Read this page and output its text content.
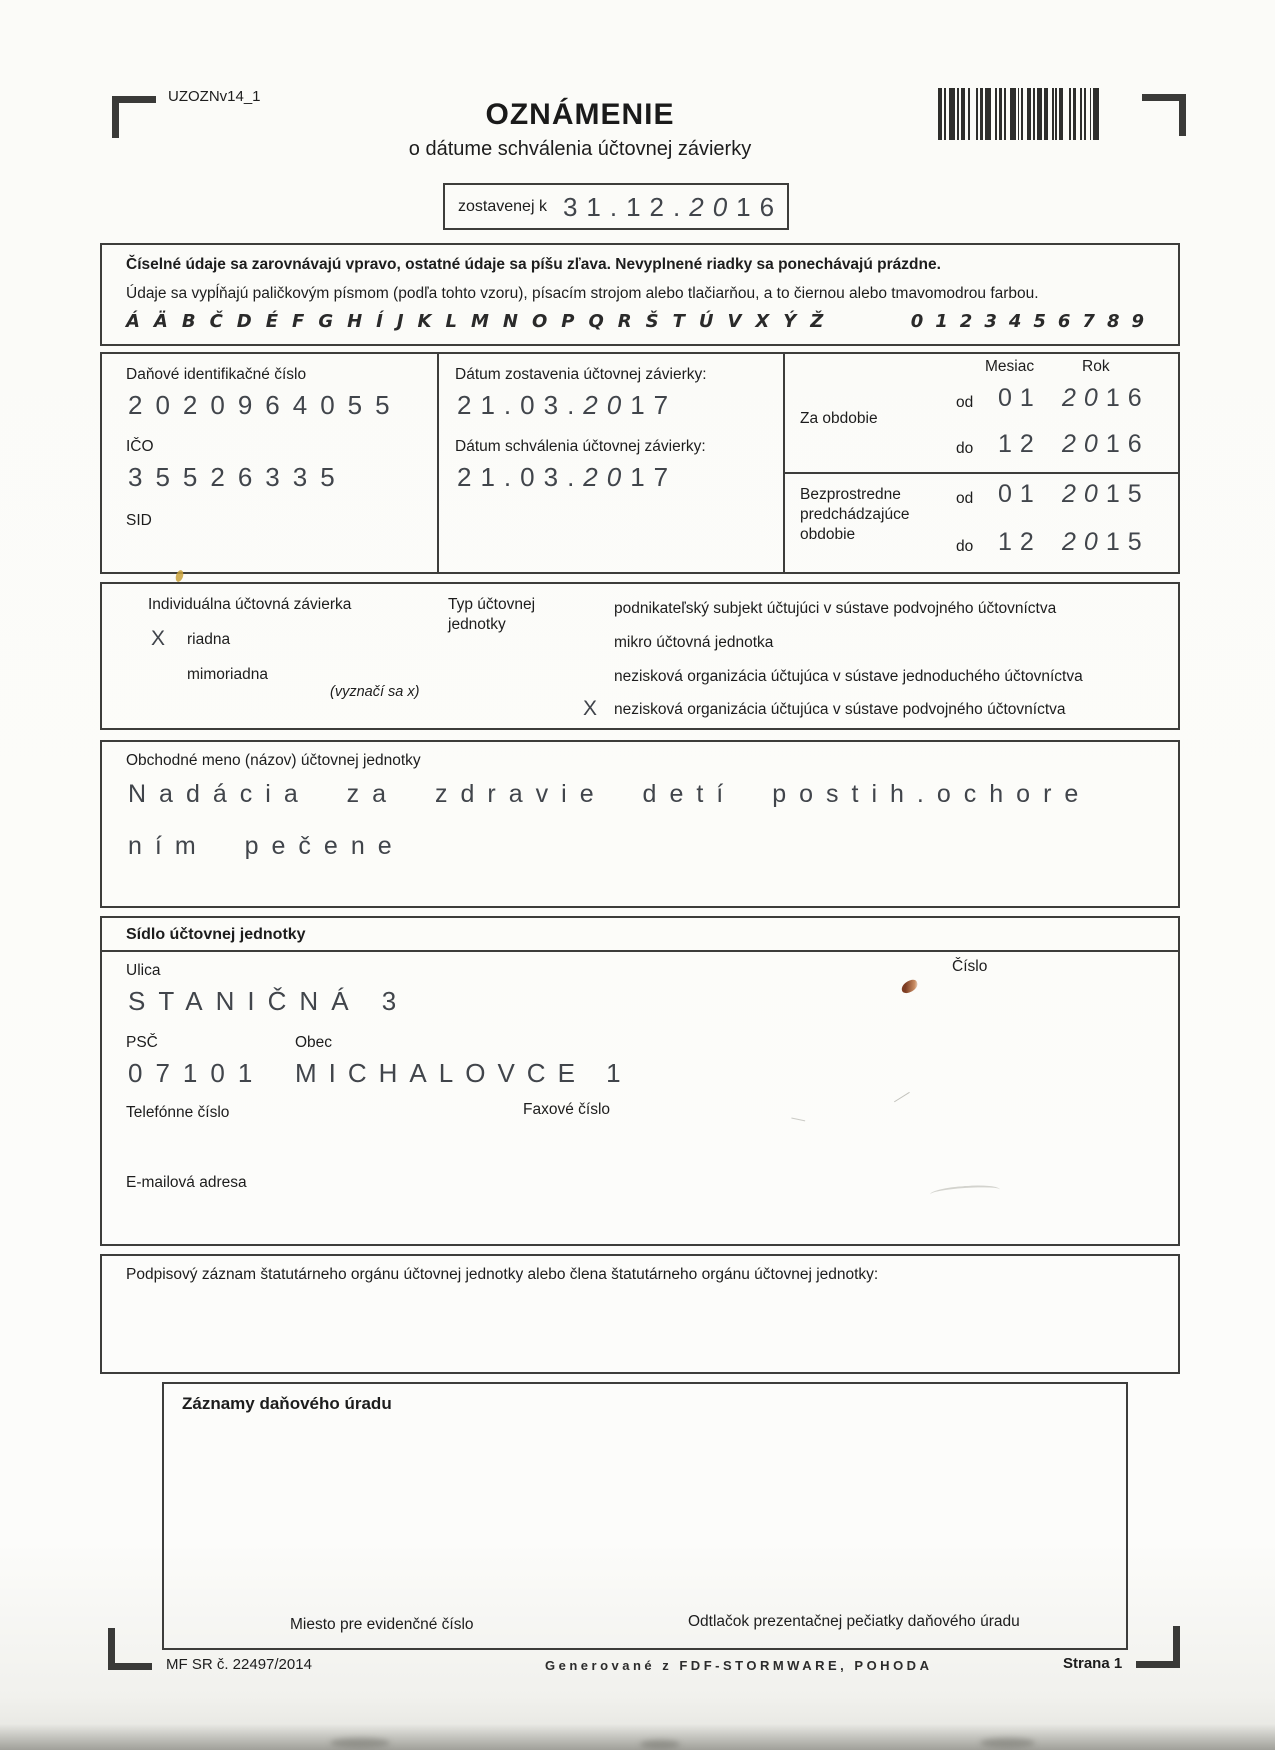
UZOZNv14_1
OZNÁMENIE
o dátume schválenia účtovnej závierky
zostavenej k 31.12.2016
Číselné údaje sa zarovnávajú vpravo, ostatné údaje sa píšu zľava. Nevyplnené riadky sa ponechávajú prázdne.
Údaje sa vypĺňajú paličkovým písmom (podľa tohto vzoru), písacím strojom alebo tlačiarňou, a to čiernou alebo tmavomodrou farbou.
ÁÄBČDÉFGHÍJKLMNOPQRŠTÚVXÝŽ	0123456789
Daňové identifikačné číslo
2020964055
IČO
35526335
SID
Dátum zostavenia účtovnej závierky:
21.03.2017
Dátum schválenia účtovnej závierky:
21.03.2017
Mesiac	Rok
Za obdobie
od 01 2016
do 12 2016
Bezprostredne
predchádzajúce
obdobie
od 01 2015
do 12 2015
Individuálna účtovná závierka
X riadna
mimoriadna
(vyznačí sa x)
Typ účtovnej
jednotky
podnikateľský subjekt účtujúci v sústave podvojného účtovníctva
mikro účtovná jednotka
nezisková organizácia účtujúca v sústave jednoduchého účtovníctva
X nezisková organizácia účtujúca v sústave podvojného účtovníctva
Obchodné meno (názov) účtovnej jednotky
Nadácia za zdravie detí postih.ochore
ním pečene
Sídlo účtovnej jednotky
Ulica	Číslo
STANIČNÁ 3
PSČ	Obec
07101 MICHALOVCE 1
Telefónne číslo	Faxové číslo
E-mailová adresa
Podpisový záznam štatutárneho orgánu účtovnej jednotky alebo člena štatutárneho orgánu účtovnej jednotky:
Záznamy daňového úradu
Miesto pre evidenčné číslo	Odtlačok prezentačnej pečiatky daňového úradu
MF SR č. 22497/2014	Generované z FDF-STORMWARE, POHODA	Strana 1
